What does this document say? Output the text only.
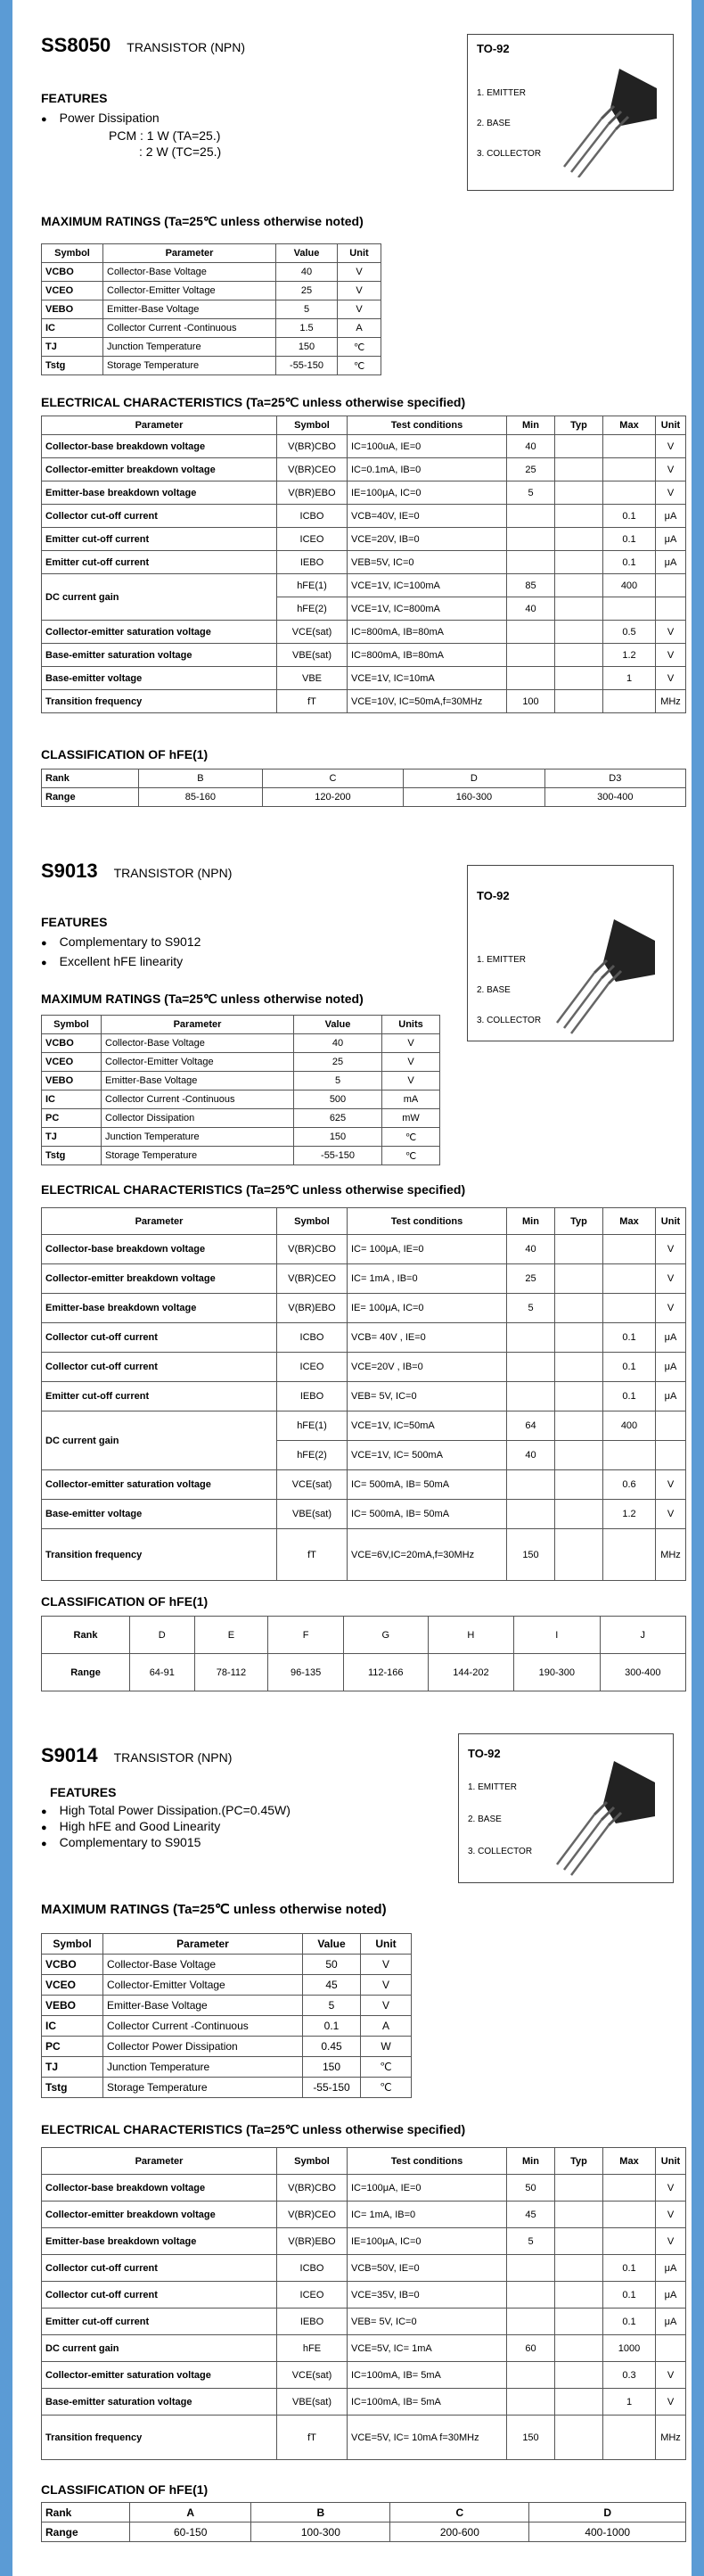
SS8050 TRANSISTOR (NPN)
FEATURES
● Power Dissipation
PCM : 1 W (TA=25.)
: 2 W (TC=25.)
TO-92
1. EMITTER
2. BASE
3. COLLECTOR
MAXIMUM RATINGS (Ta=25℃ unless otherwise noted)
Symbol	Parameter	Value	Unit
VCBO	Collector-Base Voltage	40	V
VCEO	Collector-Emitter Voltage	25	V
VEBO	Emitter-Base Voltage	5	V
IC	Collector Current -Continuous	1.5	A
TJ	Junction Temperature	150	℃
Tstg	Storage Temperature	-55-150	℃
ELECTRICAL CHARACTERISTICS (Ta=25℃ unless otherwise specified)
Parameter	Symbol	Test conditions	Min	Typ	Max	Unit
Collector-base breakdown voltage	V(BR)CBO	IC=100uA, IE=0	40			V
Collector-emitter breakdown voltage	V(BR)CEO	IC=0.1mA, IB=0	25			V
Emitter-base breakdown voltage	V(BR)EBO	IE=100μA, IC=0	5			V
Collector cut-off current	ICBO	VCB=40V, IE=0			0.1	μA
Emitter cut-off current	ICEO	VCE=20V, IB=0			0.1	μA
Emitter cut-off current	IEBO	VEB=5V, IC=0			0.1	μA
DC current gain	hFE(1)	VCE=1V, IC=100mA	85		400	
	hFE(2)	VCE=1V, IC=800mA	40			
Collector-emitter saturation voltage	VCE(sat)	IC=800mA, IB=80mA			0.5	V
Base-emitter saturation voltage	VBE(sat)	IC=800mA, IB=80mA			1.2	V
Base-emitter voltage	VBE	VCE=1V, IC=10mA			1	V
Transition frequency	fT	VCE=10V, IC=50mA,f=30MHz	100			MHz
CLASSIFICATION OF hFE(1)
Rank	B	C	D	D3
Range	85-160	120-200	160-300	300-400
S9013 TRANSISTOR (NPN)
FEATURES
● Complementary to S9012
● Excellent hFE linearity
TO-92
1. EMITTER
2. BASE
3. COLLECTOR
MAXIMUM RATINGS (Ta=25℃ unless otherwise noted)
Symbol	Parameter	Value	Units
VCBO	Collector-Base Voltage	40	V
VCEO	Collector-Emitter Voltage	25	V
VEBO	Emitter-Base Voltage	5	V
IC	Collector Current -Continuous	500	mA
PC	Collector Dissipation	625	mW
TJ	Junction Temperature	150	℃
Tstg	Storage Temperature	-55-150	℃
ELECTRICAL CHARACTERISTICS (Ta=25℃ unless otherwise specified)
Parameter	Symbol	Test conditions	Min	Typ	Max	Unit
Collector-base breakdown voltage	V(BR)CBO	IC= 100μA, IE=0	40			V
Collector-emitter breakdown voltage	V(BR)CEO	IC= 1mA , IB=0	25			V
Emitter-base breakdown voltage	V(BR)EBO	IE= 100μA, IC=0	5			V
Collector cut-off current	ICBO	VCB= 40V , IE=0			0.1	μA
Collector cut-off current	ICEO	VCE=20V , IB=0			0.1	μA
Emitter cut-off current	IEBO	VEB= 5V, IC=0			0.1	μA
DC current gain	hFE(1)	VCE=1V, IC=50mA	64		400	
	hFE(2)	VCE=1V, IC= 500mA	40			
Collector-emitter saturation voltage	VCE(sat)	IC= 500mA, IB= 50mA			0.6	V
Base-emitter voltage	VBE(sat)	IC= 500mA, IB= 50mA			1.2	V
Transition frequency	fT	VCE=6V,IC=20mA,f=30MHz	150			MHz
CLASSIFICATION OF hFE(1)
Rank	D	E	F	G	H	I	J
Range	64-91	78-112	96-135	112-166	144-202	190-300	300-400
S9014 TRANSISTOR (NPN)
FEATURES
● High Total Power Dissipation.(PC=0.45W)
● High hFE and Good Linearity
● Complementary to S9015
TO-92
1. EMITTER
2. BASE
3. COLLECTOR
MAXIMUM RATINGS (Ta=25℃ unless otherwise noted)
Symbol	Parameter	Value	Unit
VCBO	Collector-Base Voltage	50	V
VCEO	Collector-Emitter Voltage	45	V
VEBO	Emitter-Base Voltage	5	V
IC	Collector Current -Continuous	0.1	A
PC	Collector Power Dissipation	0.45	W
TJ	Junction Temperature	150	℃
Tstg	Storage Temperature	-55-150	℃
ELECTRICAL CHARACTERISTICS (Ta=25℃ unless otherwise specified)
Parameter	Symbol	Test conditions	Min	Typ	Max	Unit
Collector-base breakdown voltage	V(BR)CBO	IC=100μA, IE=0	50			V
Collector-emitter breakdown voltage	V(BR)CEO	IC= 1mA, IB=0	45			V
Emitter-base breakdown voltage	V(BR)EBO	IE=100μA, IC=0	5			V
Collector cut-off current	ICBO	VCB=50V, IE=0			0.1	μA
Collector cut-off current	ICEO	VCE=35V, IB=0			0.1	μA
Emitter cut-off current	IEBO	VEB= 5V, IC=0			0.1	μA
DC current gain	hFE	VCE=5V, IC= 1mA	60		1000	
Collector-emitter saturation voltage	VCE(sat)	IC=100mA, IB= 5mA			0.3	V
Base-emitter saturation voltage	VBE(sat)	IC=100mA, IB= 5mA			1	V
Transition frequency	fT	VCE=5V, IC= 10mA f=30MHz	150			MHz
CLASSIFICATION OF hFE(1)
Rank	A	B	C	D
Range	60-150	100-300	200-600	400-1000
